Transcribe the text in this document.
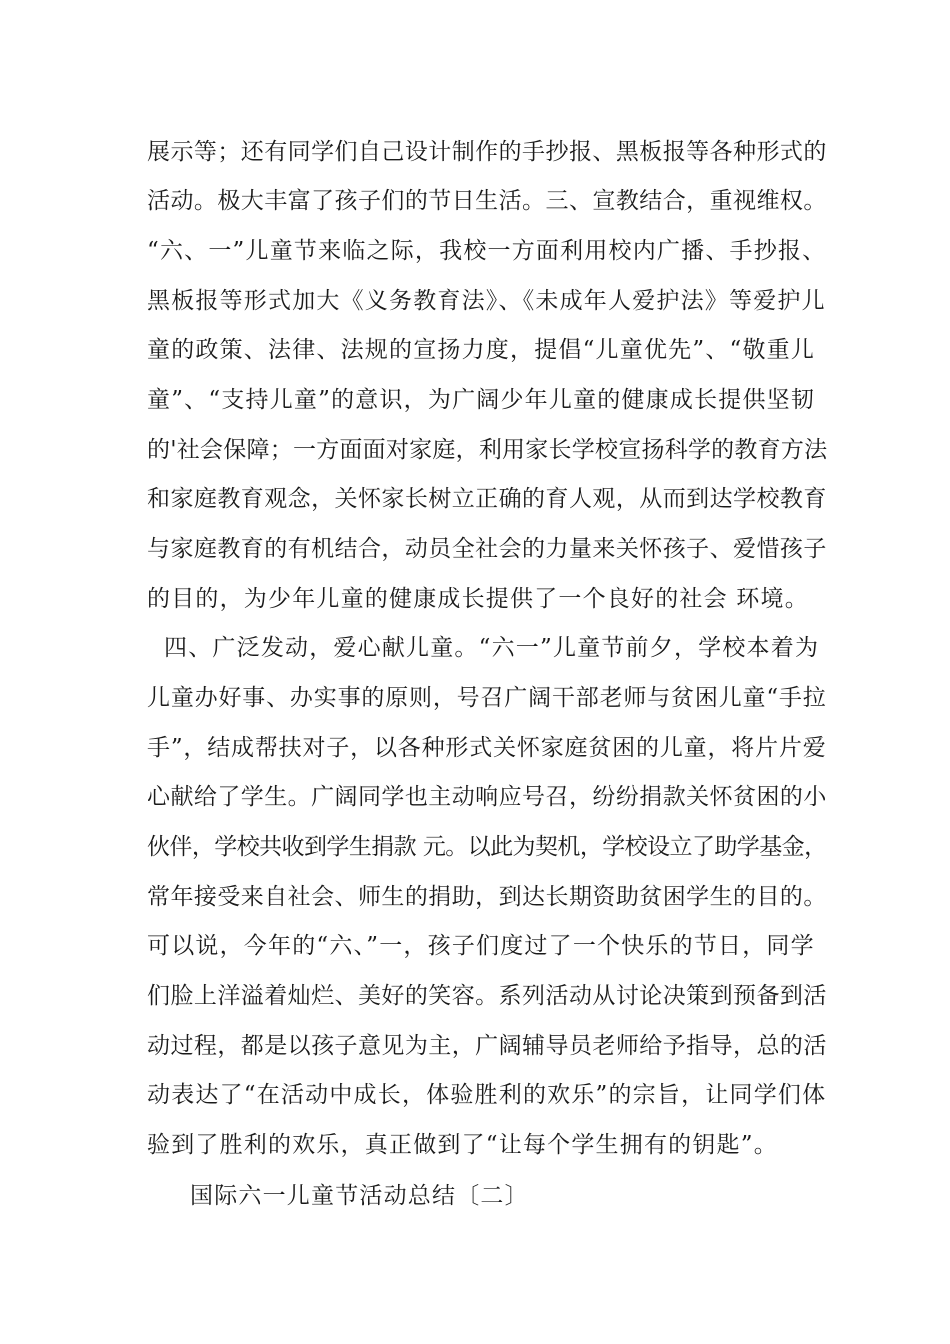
展示等；还有同学们自己设计制作的手抄报、黑板报等各种形式的
活动。极大丰富了孩子们的节日生活。三、宣教结合，重视维权。
“六、一”儿童节来临之际，我校一方面利用校内广播、手抄报、
黑板报等形式加大《义务教育法》、《未成年人爱护法》等爱护儿
童的政策、法律、法规的宣扬力度，提倡“儿童优先”、“敬重儿
童”、“支持儿童”的意识，为广阔少年儿童的健康成长提供坚韧
的'社会保障；一方面面对家庭，利用家长学校宣扬科学的教育方法
和家庭教育观念，关怀家长树立正确的育人观，从而到达学校教育
与家庭教育的有机结合，动员全社会的力量来关怀孩子、爱惜孩子
的目的，为少年儿童的健康成长提供了一个良好的社会 环境。
四、广泛发动，爱心献儿童。“六一”儿童节前夕，学校本着为
儿童办好事、办实事的原则，号召广阔干部老师与贫困儿童“手拉
手”，结成帮扶对子，以各种形式关怀家庭贫困的儿童，将片片爱
心献给了学生。广阔同学也主动响应号召，纷纷捐款关怀贫困的小
伙伴，学校共收到学生捐款 元。以此为契机，学校设立了助学基金，
常年接受来自社会、师生的捐助，到达长期资助贫困学生的目的。
可以说，今年的“六、”一，孩子们度过了一个快乐的节日，同学
们脸上洋溢着灿烂、美好的笑容。系列活动从讨论决策到预备到活
动过程，都是以孩子意见为主，广阔辅导员老师给予指导，总的活
动表达了“在活动中成长，体验胜利的欢乐”的宗旨，让同学们体
验到了胜利的欢乐，真正做到了“让每个学生拥有的钥匙”。
国际六一儿童节活动总结〔二〕
